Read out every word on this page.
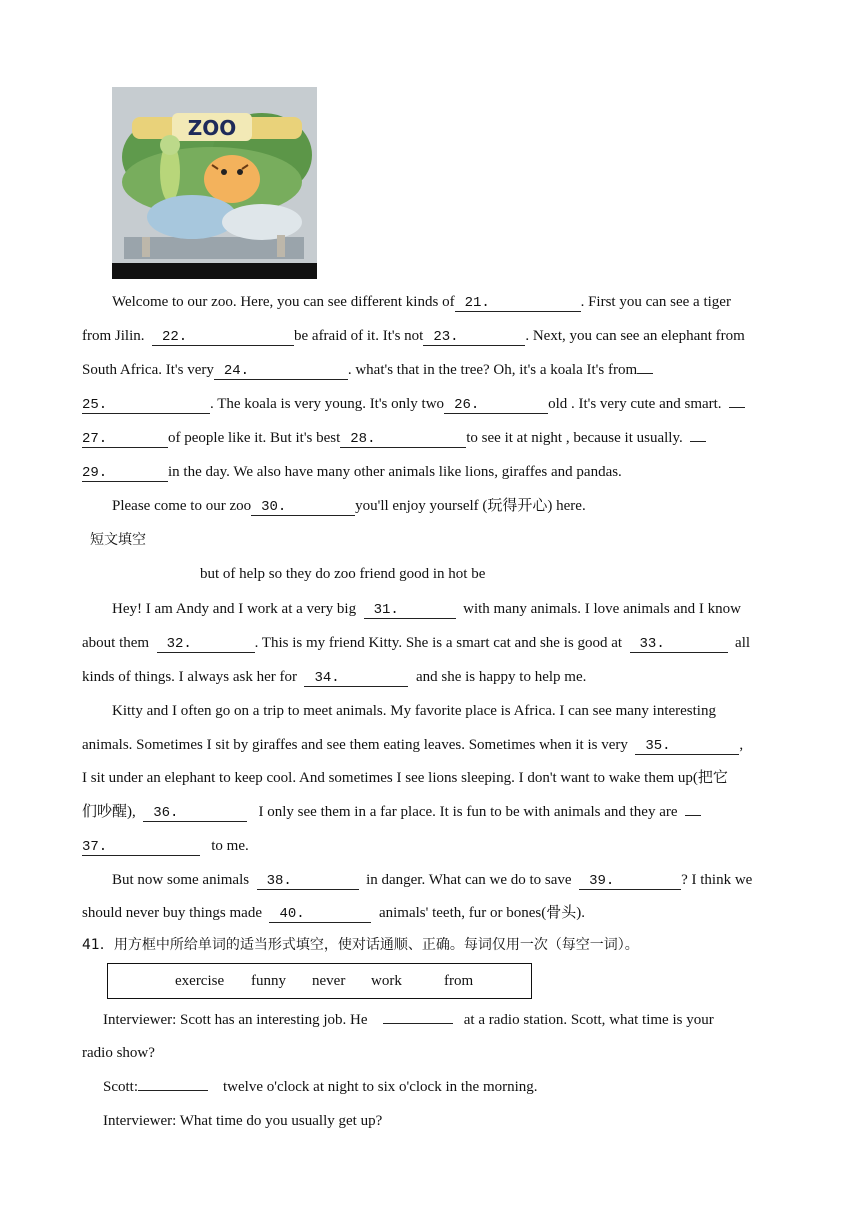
ZOO
Welcome to our zoo. Here, you can see different kinds of 21.	. First you can see a tiger
from Jilin. 22.	be afraid of it. It's not 23.	. Next, you can see an elephant from
South Africa. It's very 24.	. what's that in the tree? Oh, it's a koala It's from
25.	. The koala is very young. It's only two 26.	old . It's very cute and smart.
27.	of people like it. But it's best 28.	to see it at night , because it usually.
29.	in the day. We also have many other animals like lions, giraffes and pandas.
Please come to our zoo 30.	you'll enjoy yourself (玩得开心) here.
短文填空
but of help so they do zoo friend good in hot be
Hey! I am Andy and I work at a very big 31.	with many animals. I love animals and I know
about them 32.	. This is my friend Kitty. She is a smart cat and she is good at 33.	all
kinds of things. I always ask her for 34.	and she is happy to help me.
Kitty and I often go on a trip to meet animals. My favorite place is Africa. I can see many interesting
animals. Sometimes I sit by giraffes and see them eating leaves. Sometimes when it is very 35.	,
I sit under an elephant to keep cool. And sometimes I see lions sleeping. I don't want to wake them up(把它
们吵醒), 36.	I only see them in a far place. It is fun to be with animals and they are
37.	to me.
But now some animals 38.	in danger. What can we do to save 39.	? I think we
should never buy things made 40.	animals' teeth, fur or bones(骨头).
41．用方框中所给单词的适当形式填空，使对话通顺、正确。每词仅用一次（每空一词）。
exercise funny never work	from
Interviewer: Scott has an interesting job. He	at a radio station. Scott, what time is your
radio show?
Scott:	twelve o'clock at night to six o'clock in the morning.
Interviewer: What time do you usually get up?
